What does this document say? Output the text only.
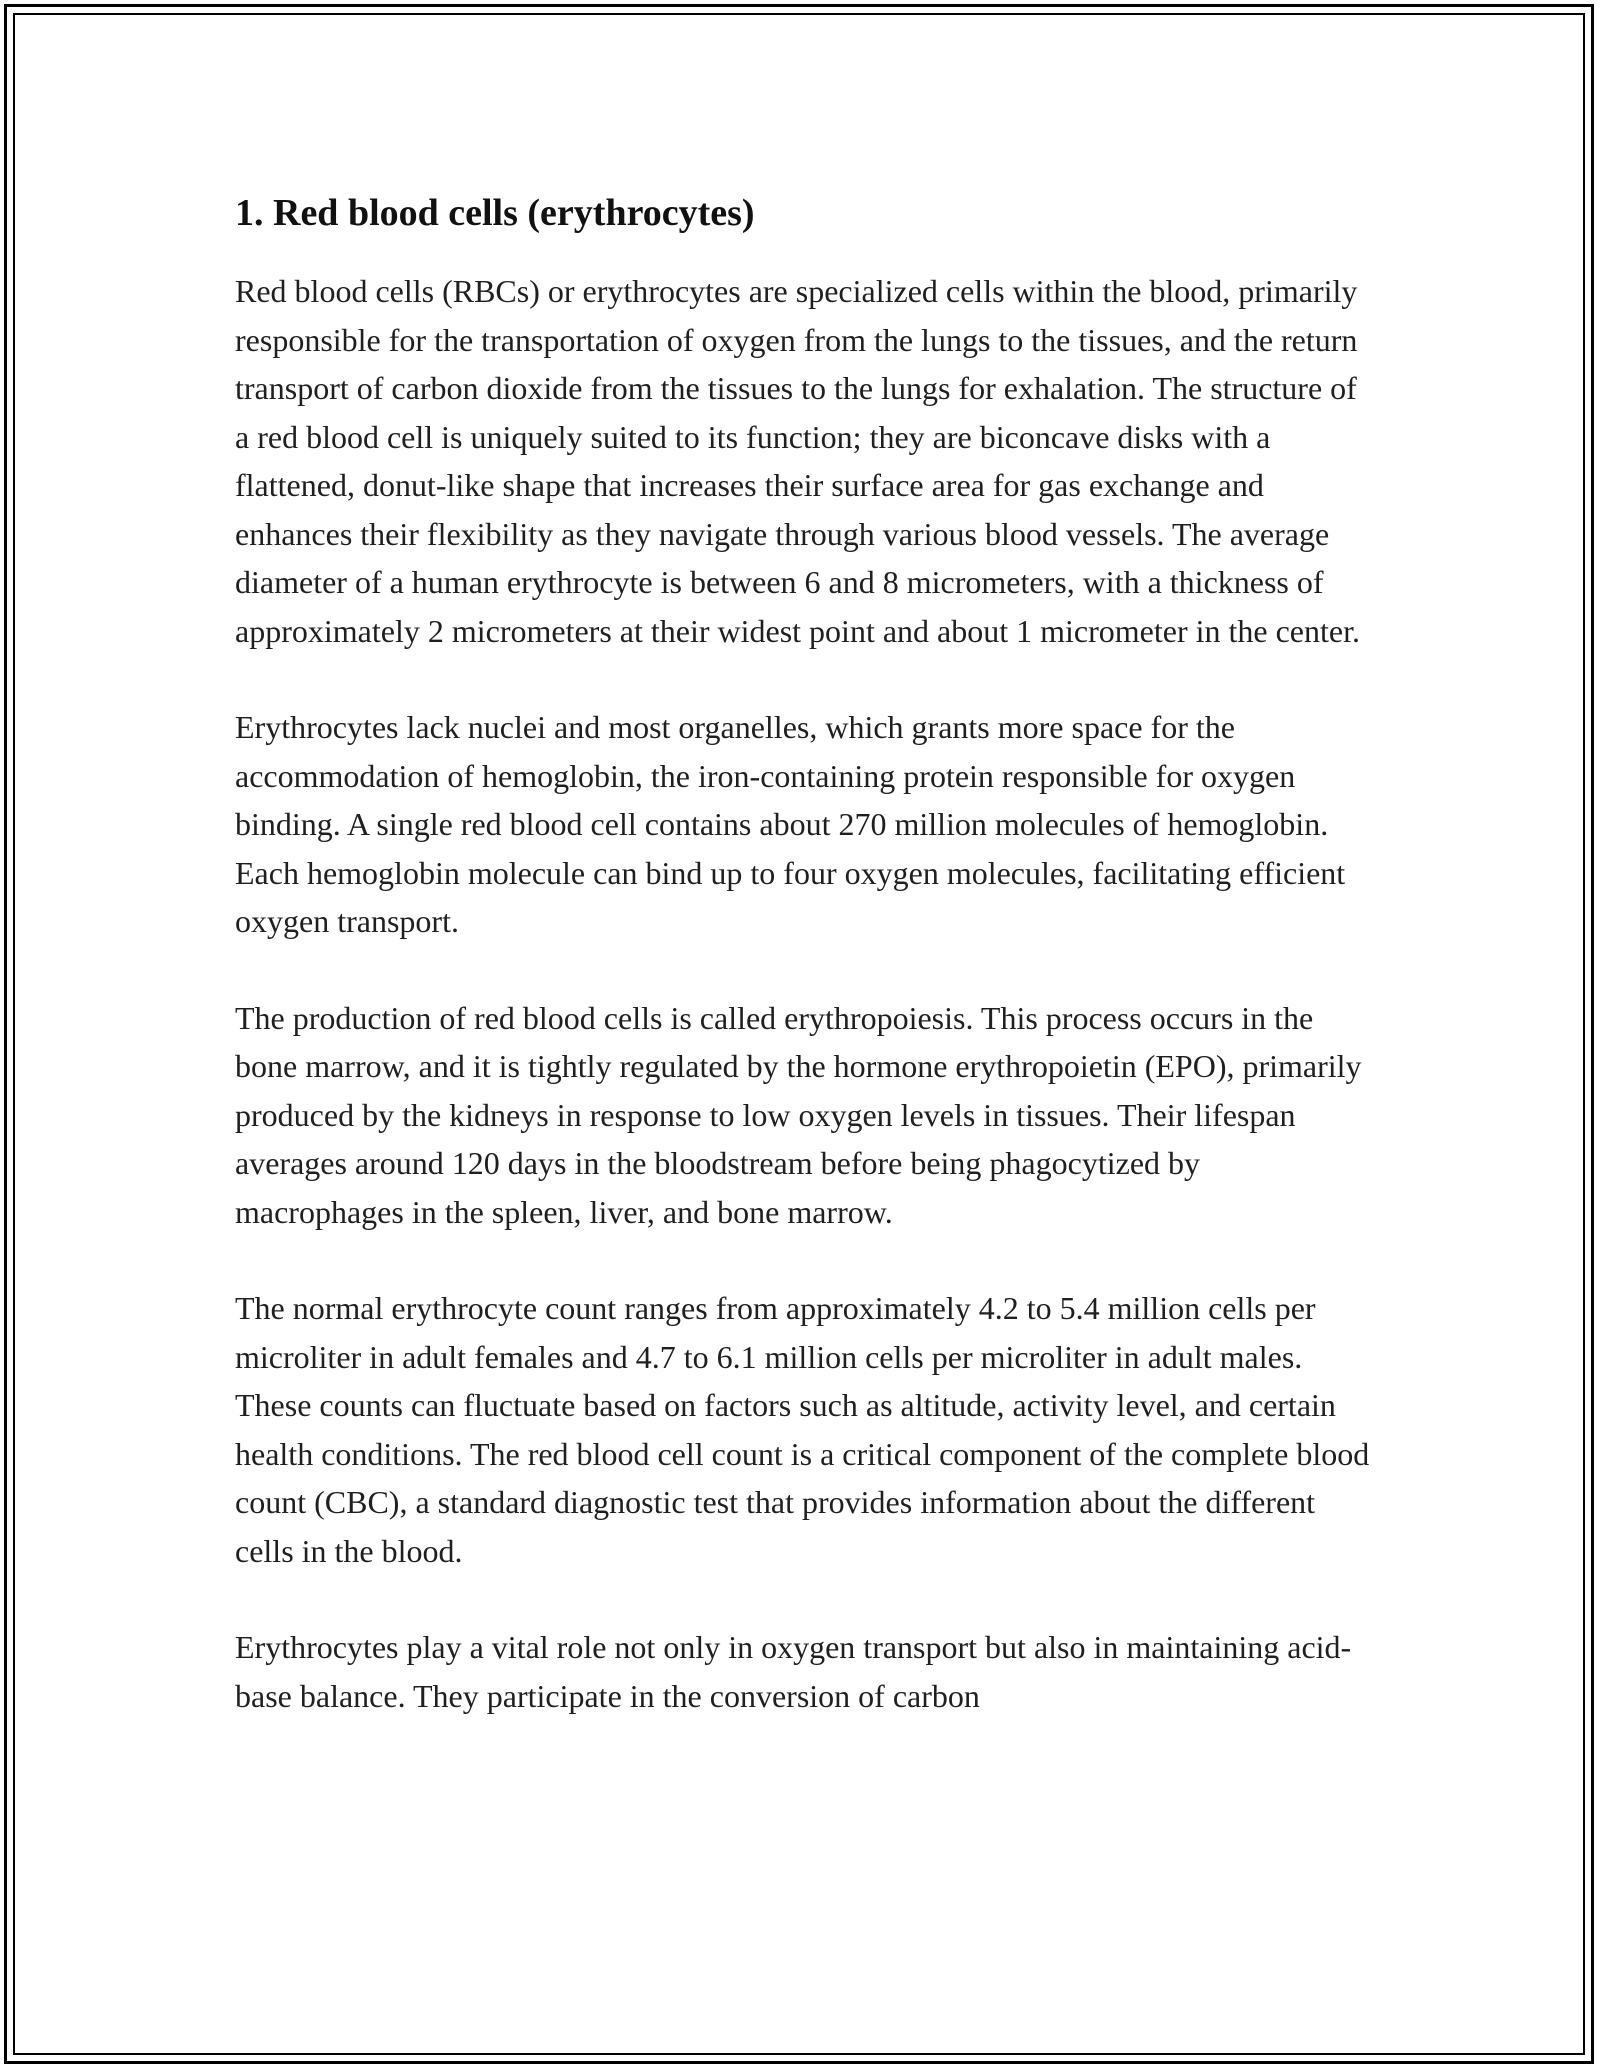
1. Red blood cells (erythrocytes)

Red blood cells (RBCs) or erythrocytes are specialized cells within the blood, primarily responsible for the transportation of oxygen from the lungs to the tissues, and the return transport of carbon dioxide from the tissues to the lungs for exhalation. The structure of a red blood cell is uniquely suited to its function; they are biconcave disks with a flattened, donut-like shape that increases their surface area for gas exchange and enhances their flexibility as they navigate through various blood vessels. The average diameter of a human erythrocyte is between 6 and 8 micrometers, with a thickness of approximately 2 micrometers at their widest point and about 1 micrometer in the center.

Erythrocytes lack nuclei and most organelles, which grants more space for the accommodation of hemoglobin, the iron-containing protein responsible for oxygen binding. A single red blood cell contains about 270 million molecules of hemoglobin. Each hemoglobin molecule can bind up to four oxygen molecules, facilitating efficient oxygen transport.

The production of red blood cells is called erythropoiesis. This process occurs in the bone marrow, and it is tightly regulated by the hormone erythropoietin (EPO), primarily produced by the kidneys in response to low oxygen levels in tissues. Their lifespan averages around 120 days in the bloodstream before being phagocytized by macrophages in the spleen, liver, and bone marrow.

The normal erythrocyte count ranges from approximately 4.2 to 5.4 million cells per microliter in adult females and 4.7 to 6.1 million cells per microliter in adult males. These counts can fluctuate based on factors such as altitude, activity level, and certain health conditions. The red blood cell count is a critical component of the complete blood count (CBC), a standard diagnostic test that provides information about the different cells in the blood.

Erythrocytes play a vital role not only in oxygen transport but also in maintaining acid-base balance. They participate in the conversion of carbon
